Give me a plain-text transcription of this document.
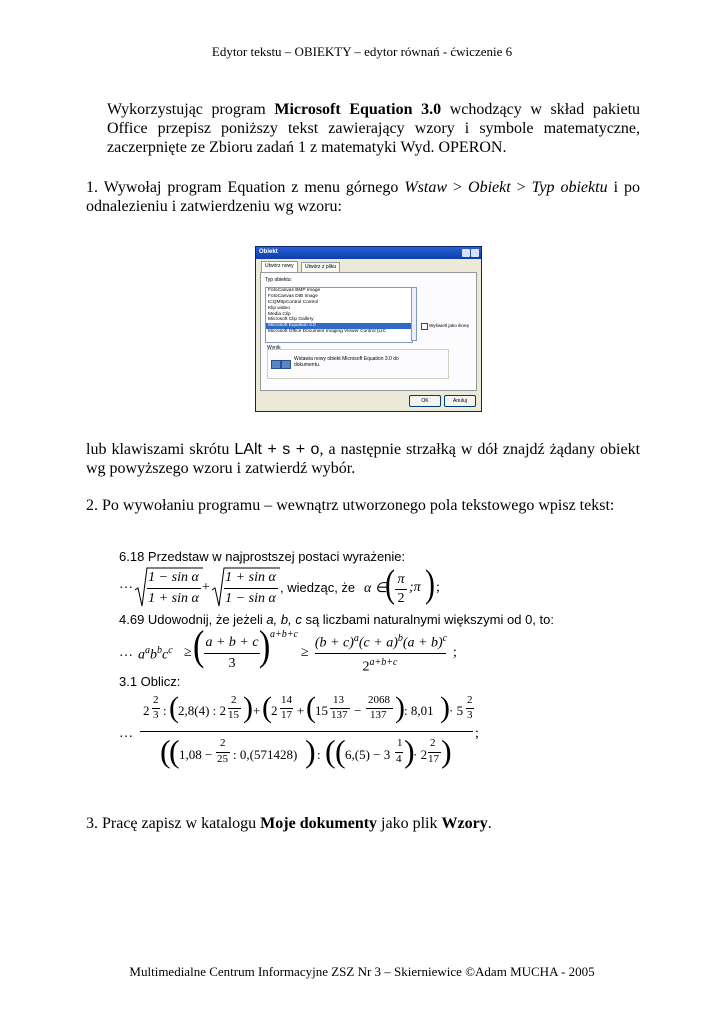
Edytor tekstu – OBIEKTY – edytor równań - ćwiczenie 6
Wykorzystując program Microsoft Equation 3.0 wchodzący w skład pakietu Office przepisz poniższy tekst zawierający wzory i symbole matematyczne, zaczerpnięte ze Zbioru zadań 1 z matematyki Wyd. OPERON.
1. Wywołaj program Equation z menu górnego Wstaw > Obiekt > Typ obiektu i po odnalezieniu i zatwierdzeniu wg wzoru:
Obiekt
Utwórz nowy	Utwórz z pliku
Typ obiektu:
FotoCanvas BMP Image
FotoCanvas DIB Image
ICQMttpControl Control
Klip wideo
Media Clip
Microsoft Clip Gallery
Microsoft Equation 3.0
Microsoft Office Document Imaging Viewer Control (LIC
Wyświetl jako ikonę
Wynik
Wstawia nowy obiekt Microsoft Equation 3.0 do dokumentu.
OK	Anuluj
lub klawiszami skrótu LAlt + s + o, a następnie strzałką w dół znajdź żądany obiekt wg powyższego wzoru i zatwierdź wybór.
2. Po wywołaniu programu – wewnątrz utworzonego pola tekstowego wpisz tekst:
6.18 Przedstaw w najprostszej postaci wyrażenie:
… 1 − sin α
1 + sin α
+
1 + sin α
1 − sin α
, wiedząc, że α ∈
( π
2
;π ) ;
4.69 Udowodnij, że jeżeli a, b, c są liczbami naturalnymi większymi od 0, to:
… $a^ab^bc^c$ ≥ ( a + b + c
3 ) a+b+c
≥
$(b + c)^a(c + a)^b(a + b)^c$
$2^{a+b+c}$
;
3.1 Oblicz:
…
2
2
3 : ( 2,8(4) : 2
2
15 ) + ( 2
14
17 + ( 15
13
137 −
2068
137 ) : 8,01 ) · 5
2
3
(
( 1,08 −
2
25 : 0,(571428) ) : ( ( 6,(5) − 3
1
4 )
· 2
2
17 ) ;
3. Pracę zapisz w katalogu Moje dokumenty jako plik Wzory.
Multimedialne Centrum Informacyjne ZSZ Nr 3 – Skierniewice ©Adam MUCHA - 2005
